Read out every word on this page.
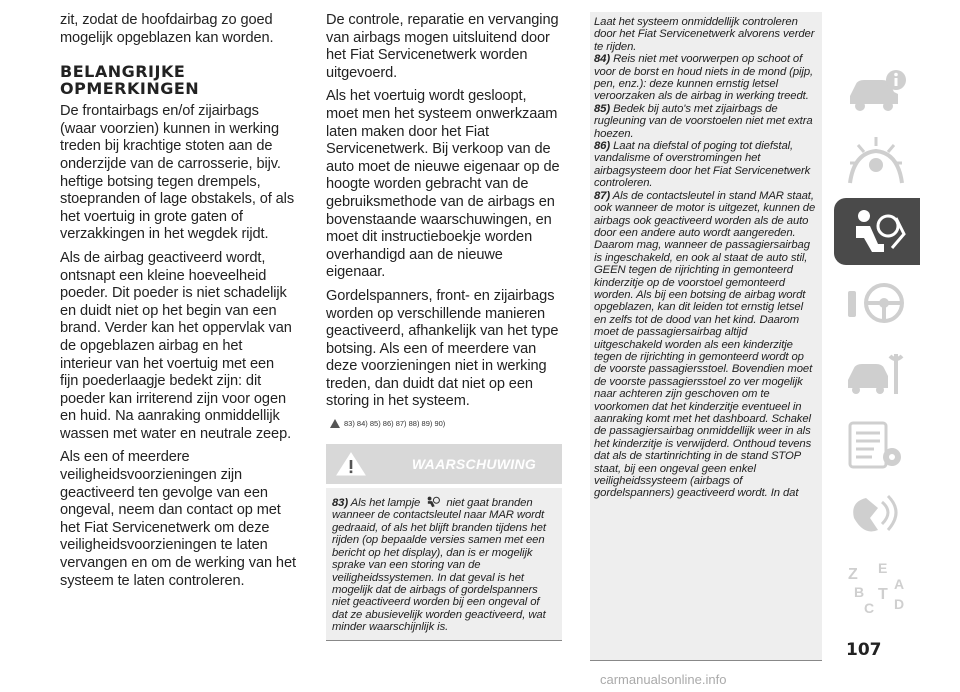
zit, zodat de hoofdairbag zo goed mogelijk opgeblazen kan worden.

BELANGRIJKE OPMERKINGEN

De frontairbags en/of zijairbags (waar voorzien) kunnen in werking treden bij krachtige stoten aan de onderzijde van de carrosserie, bijv. heftige botsing tegen drempels, stoepranden of lage obstakels, of als het voertuig in grote gaten of verzakkingen in het wegdek rijdt.

Als de airbag geactiveerd wordt, ontsnapt een kleine hoeveelheid poeder. Dit poeder is niet schadelijk en duidt niet op het begin van een brand. Verder kan het oppervlak van de opgeblazen airbag en het interieur van het voertuig met een fijn poederlaagje bedekt zijn: dit poeder kan irriterend zijn voor ogen en huid. Na aanraking onmiddellijk wassen met water en neutrale zeep.

Als een of meerdere veiligheidsvoorzieningen zijn geactiveerd ten gevolge van een ongeval, neem dan contact op met het Fiat Servicenetwerk om deze veiligheidsvoorzieningen te laten vervangen en om de werking van het systeem te laten controleren.

De controle, reparatie en vervanging van airbags mogen uitsluitend door het Fiat Servicenetwerk worden uitgevoerd.

Als het voertuig wordt gesloopt, moet men het systeem onwerkzaam laten maken door het Fiat Servicenetwerk. Bij verkoop van de auto moet de nieuwe eigenaar op de hoogte worden gebracht van de gebruiksmethode van de airbags en bovenstaande waarschuwingen, en moet dit instructieboekje worden overhandigd aan de nieuwe eigenaar.

Gordelspanners, front- en zijairbags worden op verschillende manieren geactiveerd, afhankelijk van het type botsing. Als een of meerdere van deze voorzieningen niet in werking treden, dan duidt dat niet op een storing in het systeem.

83) 84) 85) 86) 87) 88) 89) 90)
WAARSCHUWING

83) Als het lampje niet gaat branden wanneer de contactsleutel naar MAR wordt gedraaid, of als het blijft branden tijdens het rijden (op bepaalde versies samen met een bericht op het display), dan is er mogelijk sprake van een storing van de veiligheidssystemen. In dat geval is het mogelijk dat de airbags of gordelspanners niet geactiveerd worden bij een ongeval of dat ze abusievelijk worden geactiveerd, wat minder waarschijnlijk is.

Laat het systeem onmiddellijk controleren door het Fiat Servicenetwerk alvorens verder te rijden.

84) Reis niet met voorwerpen op schoot of voor de borst en houd niets in de mond (pijp, pen, enz.): deze kunnen ernstig letsel veroorzaken als de airbag in werking treedt.

85) Bedek bij auto's met zijairbags de rugleuning van de voorstoelen niet met extra hoezen.

86) Laat na diefstal of poging tot diefstal, vandalisme of overstromingen het airbagsysteem door het Fiat Servicenetwerk controleren.

87) Als de contactsleutel in stand MAR staat, ook wanneer de motor is uitgezet, kunnen de airbags ook geactiveerd worden als de auto door een andere auto wordt aangereden. Daarom mag, wanneer de passagiersairbag is ingeschakeld, en ook al staat de auto stil, GEEN tegen de rijrichting in gemonteerd kinderzitje op de voorstoel gemonteerd worden. Als bij een botsing de airbag wordt opgeblazen, kan dit leiden tot ernstig letsel en zelfs tot de dood van het kind. Daarom moet de passagiersairbag altijd uitgeschakeld worden als een kinderzitje tegen de rijrichting in gemonteerd wordt op de voorste passagiersstoel. Bovendien moet de voorste passagiersstoel zo ver mogelijk naar achteren zijn geschoven om te voorkomen dat het kinderzitje eventueel in aanraking komt met het dashboard. Schakel de passagiersairbag onmiddellijk weer in als het kinderzitje is verwijderd. Onthoud tevens dat als de startinrichting in de stand STOP staat, bij een ongeval geen enkel veiligheidssysteem (airbags of gordelspanners) geactiveerd wordt. In dat

Z E
B
C
T
A
D
107
carmanualsonline.info
